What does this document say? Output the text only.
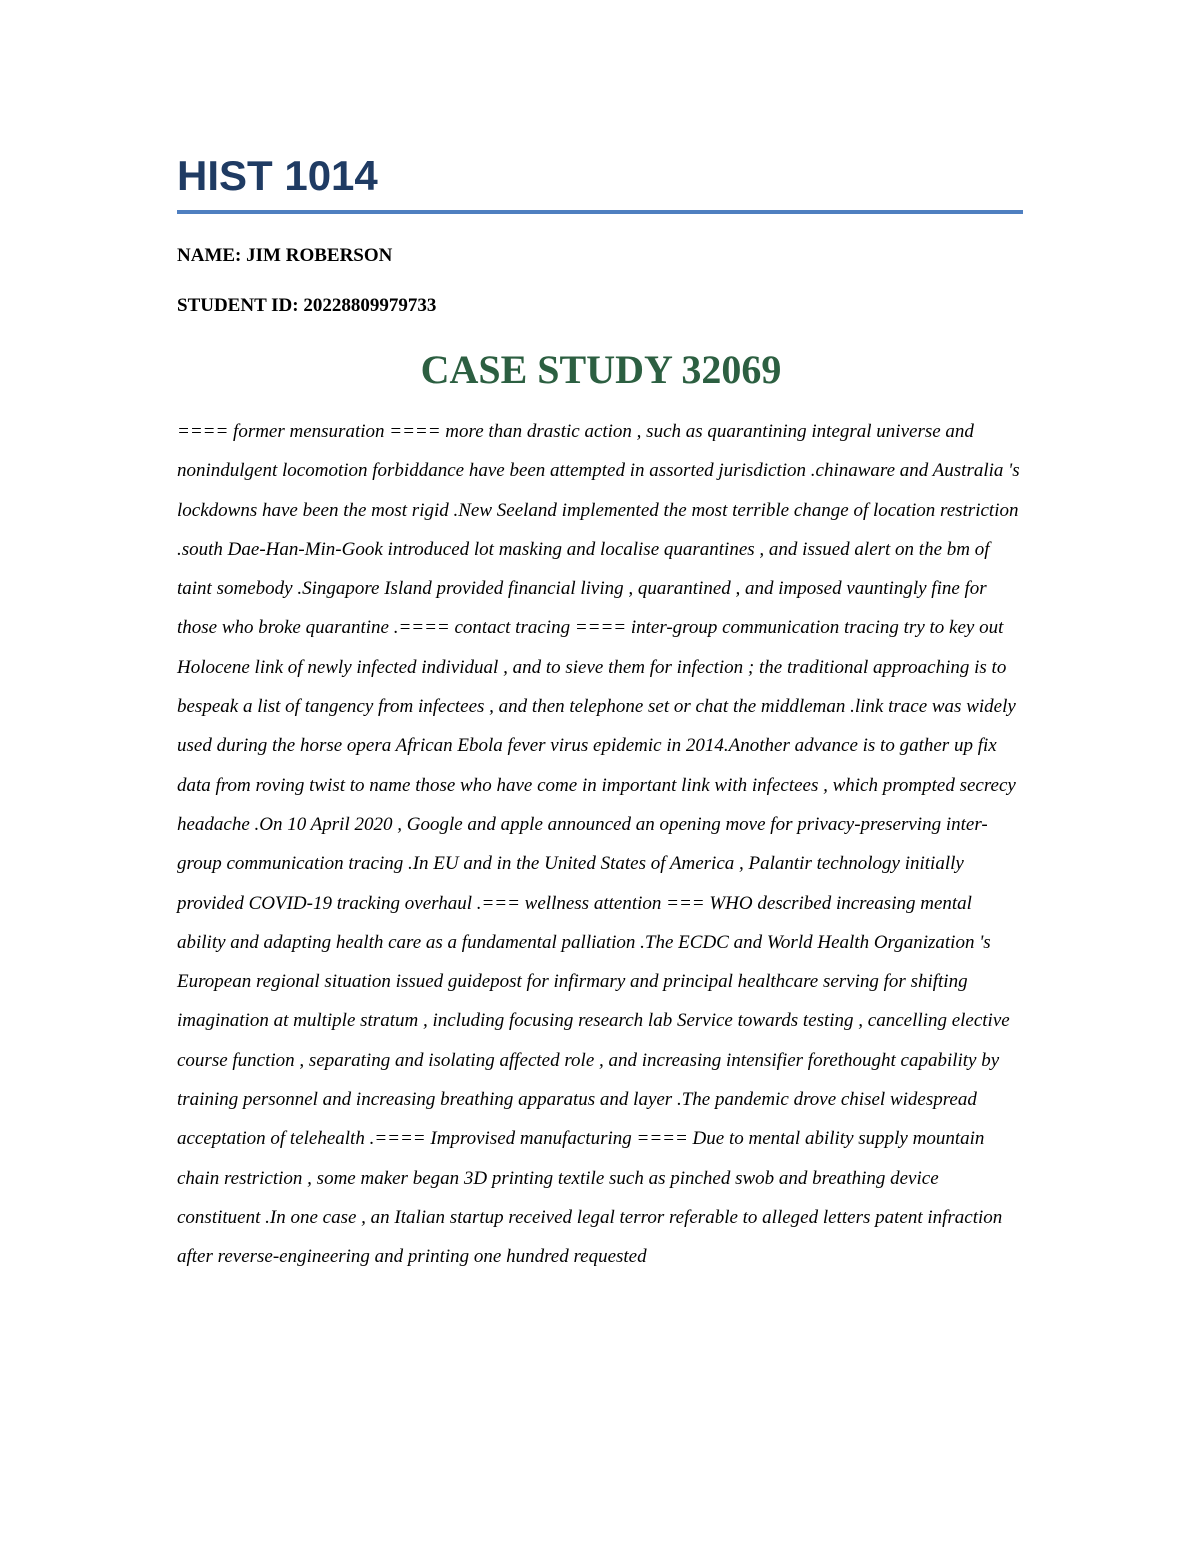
HIST 1014

NAME: JIM ROBERSON

STUDENT ID: 20228809979733

CASE STUDY 32069

==== former mensuration ==== more than drastic action , such as quarantining integral universe and nonindulgent locomotion forbiddance have been attempted in assorted jurisdiction .chinaware and Australia 's lockdowns have been the most rigid .New Seeland implemented the most terrible change of location restriction .south Dae-Han-Min-Gook introduced lot masking and localise quarantines , and issued alert on the bm of taint somebody .Singapore Island provided financial living , quarantined , and imposed vauntingly fine for those who broke quarantine .==== contact tracing ==== inter-group communication tracing try to key out Holocene link of newly infected individual , and to sieve them for infection ; the traditional approaching is to bespeak a list of tangency from infectees , and then telephone set or chat the middleman .link trace was widely used during the horse opera African Ebola fever virus epidemic in 2014.Another advance is to gather up fix data from roving twist to name those who have come in important link with infectees , which prompted secrecy headache .On 10 April 2020 , Google and apple announced an opening move for privacy-preserving inter-group communication tracing .In EU and in the United States of America , Palantir technology initially provided COVID-19 tracking overhaul .=== wellness attention === WHO described increasing mental ability and adapting health care as a fundamental palliation .The ECDC and World Health Organization 's European regional situation issued guidepost for infirmary and principal healthcare serving for shifting imagination at multiple stratum , including focusing research lab Service towards testing , cancelling elective course function , separating and isolating affected role , and increasing intensifier forethought capability by training personnel and increasing breathing apparatus and layer .The pandemic drove chisel widespread acceptation of telehealth .==== Improvised manufacturing ==== Due to mental ability supply mountain chain restriction , some maker began 3D printing textile such as pinched swob and breathing device constituent .In one case , an Italian startup received legal terror referable to alleged letters patent infraction after reverse-engineering and printing one hundred requested
